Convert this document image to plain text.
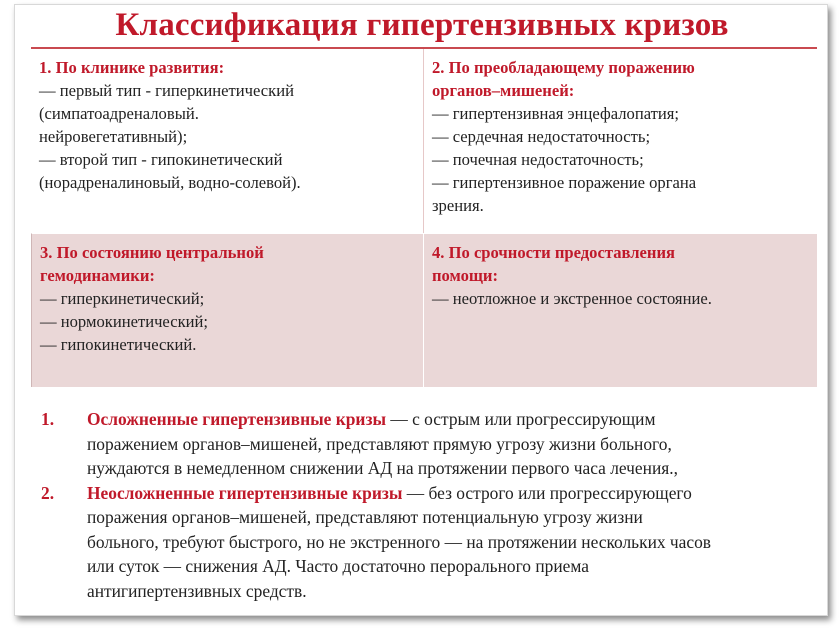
Классификация гипертензивных кризов
1. По клинике развития:
— первый тип - гиперкинетический
(симпатоадреналовый.
нейровегетативный);
— второй тип - гипокинетический
(норадреналиновый, водно-солевой).
2. По преобладающему поражению
органов–мишеней:
— гипертензивная энцефалопатия;
— сердечная недостаточность;
— почечная недостаточность;
— гипертензивное поражение органа
зрения.
3. По состоянию центральной
гемодинамики:
— гиперкинетический;
— нормокинетический;
— гипокинетический.
4. По срочности предоставления
помощи:
— неотложное и экстренное состояние.
1. Осложненные гипертензивные кризы — с острым или прогрессирующим
поражением органов–мишеней, представляют прямую угрозу жизни больного,
нуждаются в немедленном снижении АД на протяжении первого часа лечения.,
2. Неосложненные гипертензивные кризы — без острого или прогрессирующего
поражения органов–мишеней, представляют потенциальную угрозу жизни
больного, требуют быстрого, но не экстренного — на протяжении нескольких часов
или суток — снижения АД. Часто достаточно перорального приема
антигипертензивных средств.
